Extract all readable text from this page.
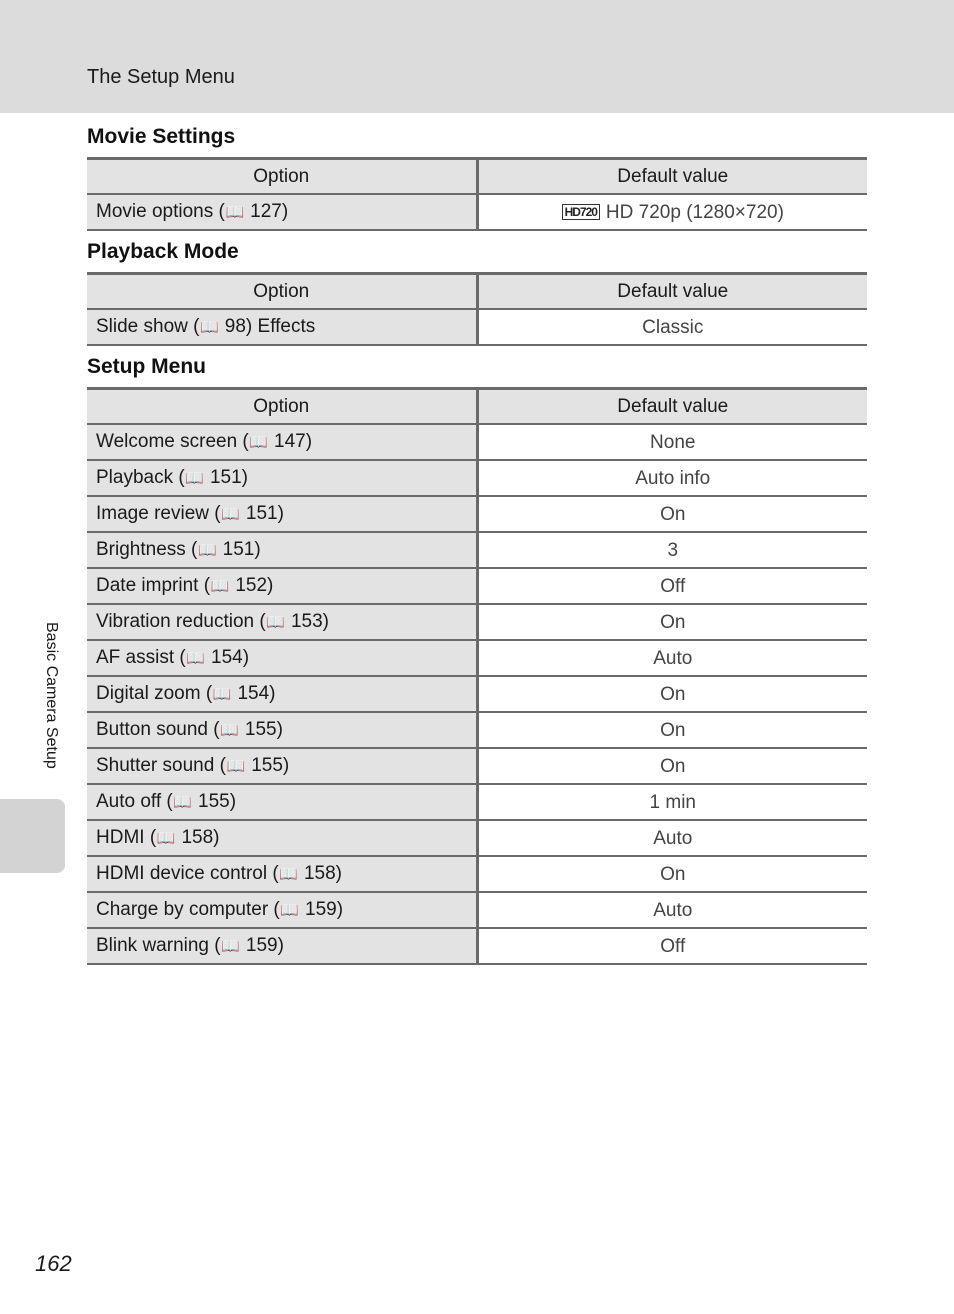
The Setup Menu
Movie Settings
Option	Default value
Movie options (📖 127)	HD720 HD 720p (1280×720)
Playback Mode
Option	Default value
Slide show (📖 98) Effects	Classic
Setup Menu
Option	Default value
Welcome screen (📖 147)	None
Playback (📖 151)	Auto info
Image review (📖 151)	On
Brightness (📖 151)	3
Date imprint (📖 152)	Off
Vibration reduction (📖 153)	On
AF assist (📖 154)	Auto
Digital zoom (📖 154)	On
Button sound (📖 155)	On
Shutter sound (📖 155)	On
Auto off (📖 155)	1 min
HDMI (📖 158)	Auto
HDMI device control (📖 158)	On
Charge by computer (📖 159)	Auto
Blink warning (📖 159)	Off
Basic Camera Setup
162
